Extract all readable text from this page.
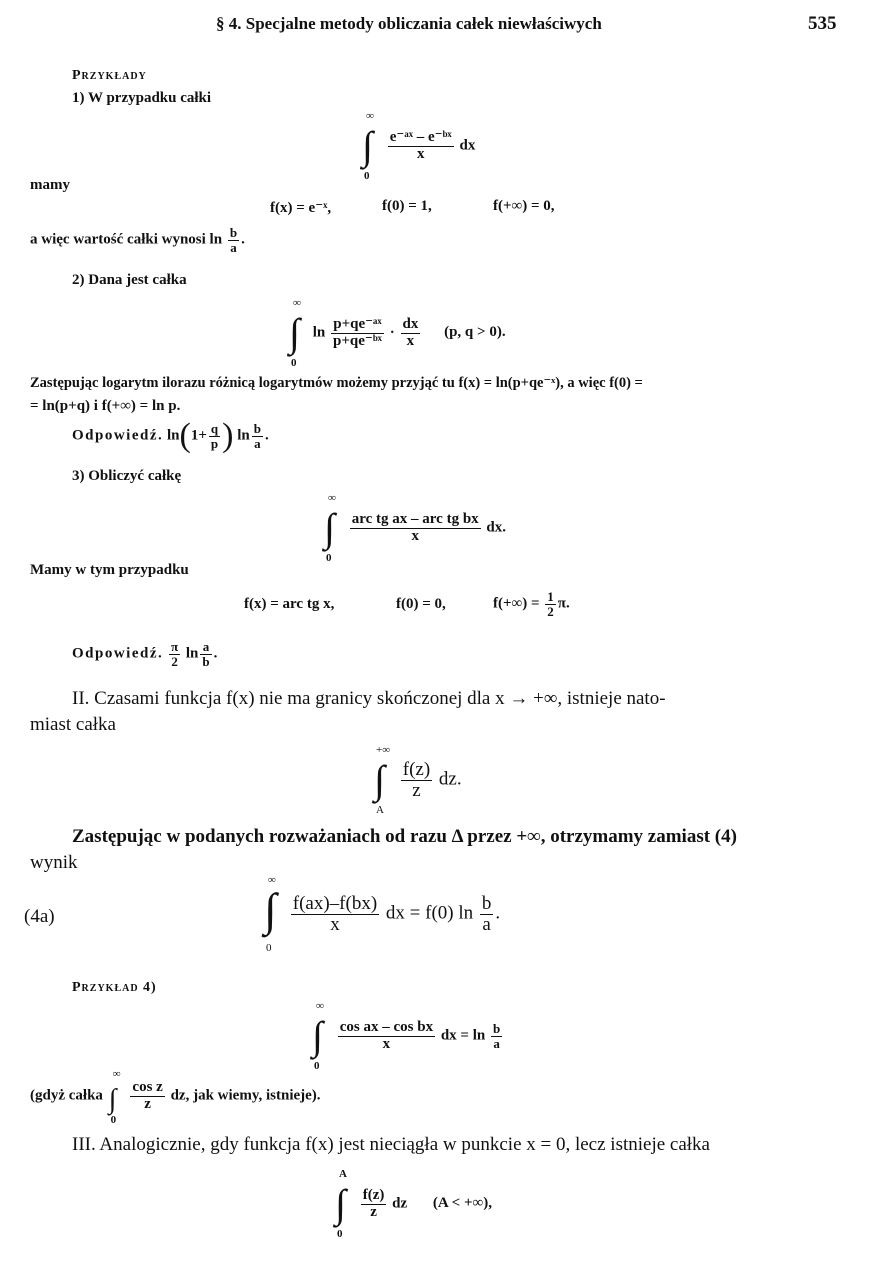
§ 4. Specjalne metody obliczania całek niewłaściwych	535
Przykłady
1) W przypadku całki
∞
∫
0

$\frac{\text{e⁻ᵃˣ – e⁻ᵇˣ}}{x}$ dx
mamy
f(x) = e⁻ˣ,	f(0) = 1,	f(+∞) = 0,
a więc wartość całki wynosi $\ln \frac{b}{a}$ .
2) Dana jest całka
∞
∫
0
$\ln \frac{\text{p+qe⁻ᵃˣ}}{\text{p+qe⁻ᵇˣ}} \cdot \frac{dx}{x} (p$, q > 0).
Zastępując logarytm ilorazu różnicą logarytmów możemy przyjąć tu f(x) = ln(p+qe⁻ˣ), a więc f(0) =
= ln(p+q) i f(+∞) = ln p.
Odpowiedź. $\ln(1+ \frac{q}{p}$ ) $\ln \frac{b}{a}$ .
3) Obliczyć całkę
∞
∫
0

$\frac{\text{arc tg ax – arc tg bx}}{x}$ dx.
Mamy w tym przypadku
f(x) = arc tg x,	f(0) = 0,	$f(+\infty) = \frac{1}{2} \pi$.
Odpowiedź. $\frac{\pi}{2}$ $\ln \frac{a}{b}$ .
II. Czasami funkcja f(x) nie ma granicy skończonej dla x → +∞, istnieje nato-
miast całka
+∞
∫
A

$\frac{f(z)}{z}$ dz.
Zastępując w podanych rozważaniach od razu Δ przez +∞, otrzymamy zamiast (4)
wynik
(4a)
∞
∫
0

$\frac{f(ax)-f(bx)}{x}$ dx = f(0) $\ln \frac{b}{a}$ .
Przykład 4)
∞
∫
0

$\frac{\text{cos ax – cos bx}}{x}$ dx = $\ln \frac{b}{a}$
(gdyż całka
∞
∫
0

$\frac{\text{cos z}}{z}$ dz, jak wiemy, istnieje).
III. Analogicznie, gdy funkcja f(x) jest nieciągła w punkcie x = 0, lecz istnieje całka
A
∫
0

$\frac{f(z)}{z}$ dz (A < +∞),
